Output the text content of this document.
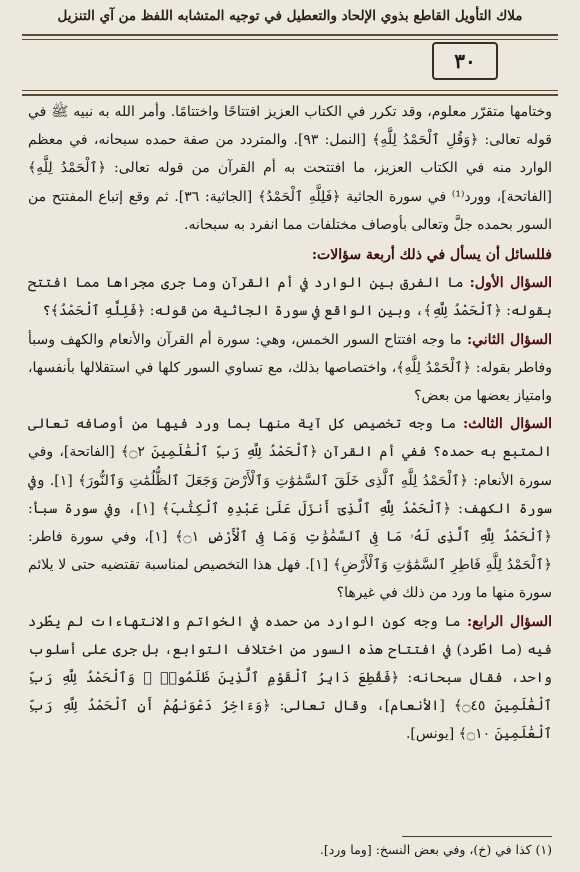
ملاك التأويل القاطع بذوي الإلحاد والتعطيل في توجيه المتشابه اللفظ من آي التنزيل
٣٠

وختامها متقرّر معلوم، وقد تكرر في الكتاب العزيز افتتاحًا واختتامًا. وأمر الله به نبيه ﷺ في قوله تعالى: ﴿وَقُلِ ٱلْحَمْدُ لِلَّهِ﴾ [النمل: ٩٣]. والمتردد من صفة حمده سبحانه، في معظم الوارد منه في الكتاب العزيز، ما افتتحت به أم القرآن من قوله تعالى: ﴿ٱلْحَمْدُ لِلَّهِ﴾ [الفاتحة]، وورد⁽¹⁾ في سورة الجاثية ﴿فَلِلَّهِ ٱلْحَمْدُ﴾ [الجاثية: ٣٦]. ثم وقع إتباع المفتتح من السور بحمده جلَّ وتعالى بأوصاف مختلفات مما انفرد به سبحانه.

فللسائل أن يسأل في ذلك أربعة سؤالات:

السؤال الأول: ما الفرق بين الوارد في أم القرآن وما جرى مجراها مما افتتح بقوله: ﴿ٱلْحَمْدُ لِلَّهِ﴾، وبين الواقع في سورة الجاثية من قوله: ﴿فَلِلَّهِ ٱلْحَمْدُ﴾؟

السؤال الثاني: ما وجه افتتاح السور الخمس، وهي: سورة أم القرآن والأنعام والكهف وسبأ وفاطر بقوله: ﴿ٱلْحَمْدُ لِلَّهِ﴾، واختصاصها بذلك، مع تساوي السور كلها في استقلالها بأنفسها، وامتياز بعضها من بعض؟

السؤال الثالث: ما وجه تخصيص كل آية منها بما ورد فيها من أوصافه تعالى المتبع به حمده؟ ففي أم القرآن ﴿ٱلْحَمْدُ لِلَّهِ رَبِّ ٱلْعَٰلَمِينَ ۝٢﴾ [الفاتحة]، وفي سورة الأنعام: ﴿ٱلْحَمْدُ لِلَّهِ ٱلَّذِى خَلَقَ ٱلسَّمَٰوَٰتِ وَٱلْأَرْضَ وَجَعَلَ ٱلظُّلُمَٰتِ وَٱلنُّورَ﴾ [١]. وفي سورة الكهف: ﴿ٱلْحَمْدُ لِلَّهِ ٱلَّذِىٓ أَنزَلَ عَلَىٰ عَبْدِهِ ٱلْكِتَٰبَ﴾ [١]، وفي سورة سبأ: ﴿ٱلْحَمْدُ لِلَّهِ ٱلَّذِى لَهُۥ مَا فِى ٱلسَّمَٰوَٰتِ وَمَا فِى ٱلْأَرْضِ ۝١﴾ [١]، وفي سورة فاطر: ﴿ٱلْحَمْدُ لِلَّهِ فَاطِرِ ٱلسَّمَٰوَٰتِ وَٱلْأَرْضِ﴾ [١]. فهل هذا التخصيص لمناسبة تقتضيه حتى لا يلائم سورة منها ما ورد من ذلك في غيرها؟

السؤال الرابع: ما وجه كون الوارد من حمده في الخواتم والانتهاءات لم يطّرد فيه (ما اطّرد) في افتتاح هذه السور من اختلاف التوابع، بل جرى على أسلوب واحد، فقال سبحانه: ﴿فَقُطِعَ دَابِرُ ٱلْقَوْمِ ٱلَّذِينَ ظَلَمُوا۟ ۚ وَٱلْحَمْدُ لِلَّهِ رَبِّ ٱلْعَٰلَمِينَ ۝٤٥﴾ [الأنعام]، وقال تعالى: ﴿وَءَاخِرُ دَعْوَىٰهُمْ أَنِ ٱلْحَمْدُ لِلَّهِ رَبِّ ٱلْعَٰلَمِينَ ۝١٠﴾ [يونس].

(١) كذا في (خ)، وفي بعض النسخ: [وما ورد].
